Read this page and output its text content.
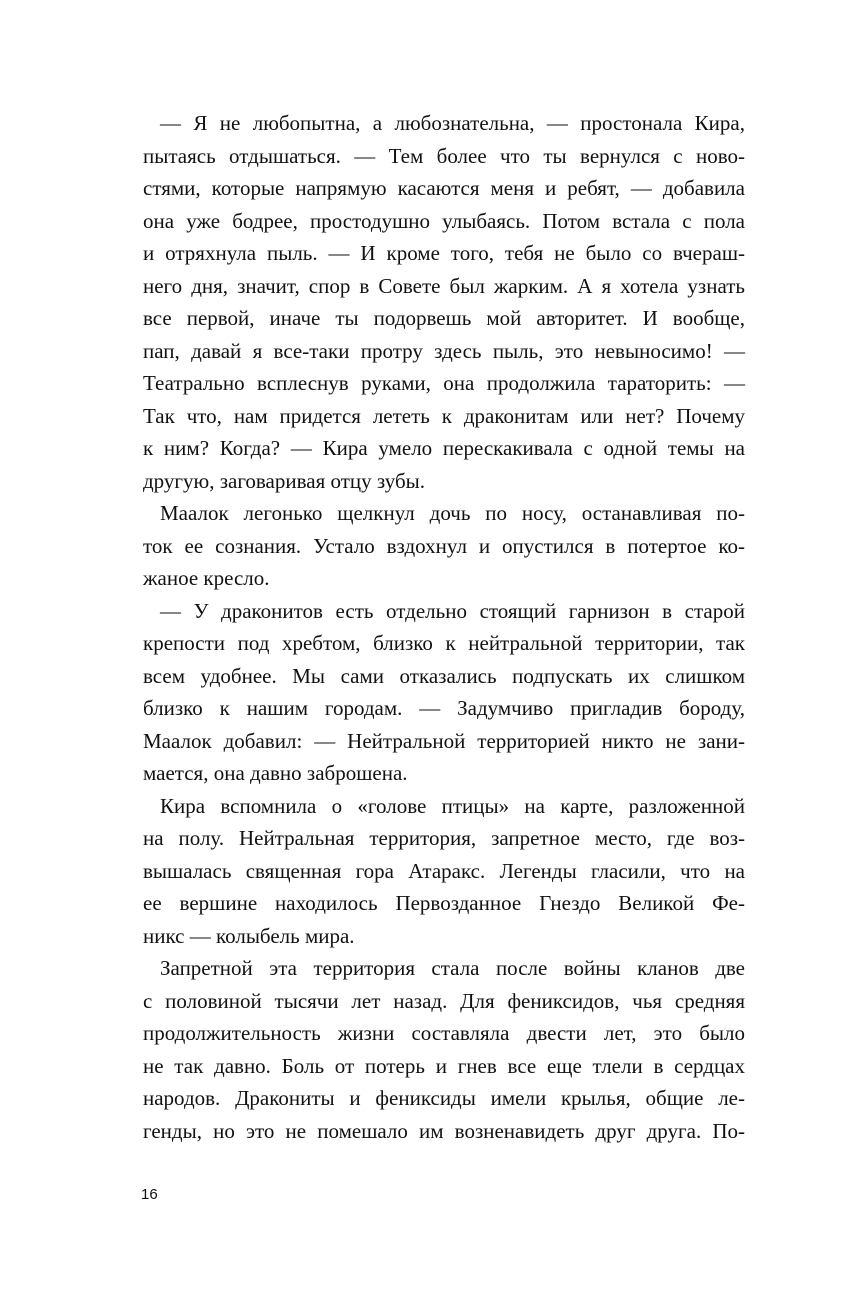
— Я не любопытна, а любознательна, — простонала Кира,
пытаясь отдышаться. — Тем более что ты вернулся с ново-
стями, которые напрямую касаются меня и ребят, — добавила
она уже бодрее, простодушно улыбаясь. Потом встала с пола
и отряхнула пыль. — И кроме того, тебя не было со вчераш-
него дня, значит, спор в Совете был жарким. А я хотела узнать
все первой, иначе ты подорвешь мой авторитет. И вообще,
пап, давай я все-таки протру здесь пыль, это невыносимо! —
Театрально всплеснув руками, она продолжила тараторить: —
Так что, нам придется лететь к драконитам или нет? Почему
к ним? Когда? — Кира умело перескакивала с одной темы на
другую, заговаривая отцу зубы.
Маалок легонько щелкнул дочь по носу, останавливая по-
ток ее сознания. Устало вздохнул и опустился в потертое ко-
жаное кресло.
— У драконитов есть отдельно стоящий гарнизон в старой
крепости под хребтом, близко к нейтральной территории, так
всем удобнее. Мы сами отказались подпускать их слишком
близко к нашим городам. — Задумчиво пригладив бороду,
Маалок добавил: — Нейтральной территорией никто не зани-
мается, она давно заброшена.
Кира вспомнила о «голове птицы» на карте, разложенной
на полу. Нейтральная территория, запретное место, где воз-
вышалась священная гора Атаракс. Легенды гласили, что на
ее вершине находилось Первозданное Гнездо Великой Фе-
никс — колыбель мира.
Запретной эта территория стала после войны кланов две
с половиной тысячи лет назад. Для фениксидов, чья средняя
продолжительность жизни составляла двести лет, это было
не так давно. Боль от потерь и гнев все еще тлели в сердцах
народов. Дракониты и фениксиды имели крылья, общие ле-
генды, но это не помешало им возненавидеть друг друга. По-
16
